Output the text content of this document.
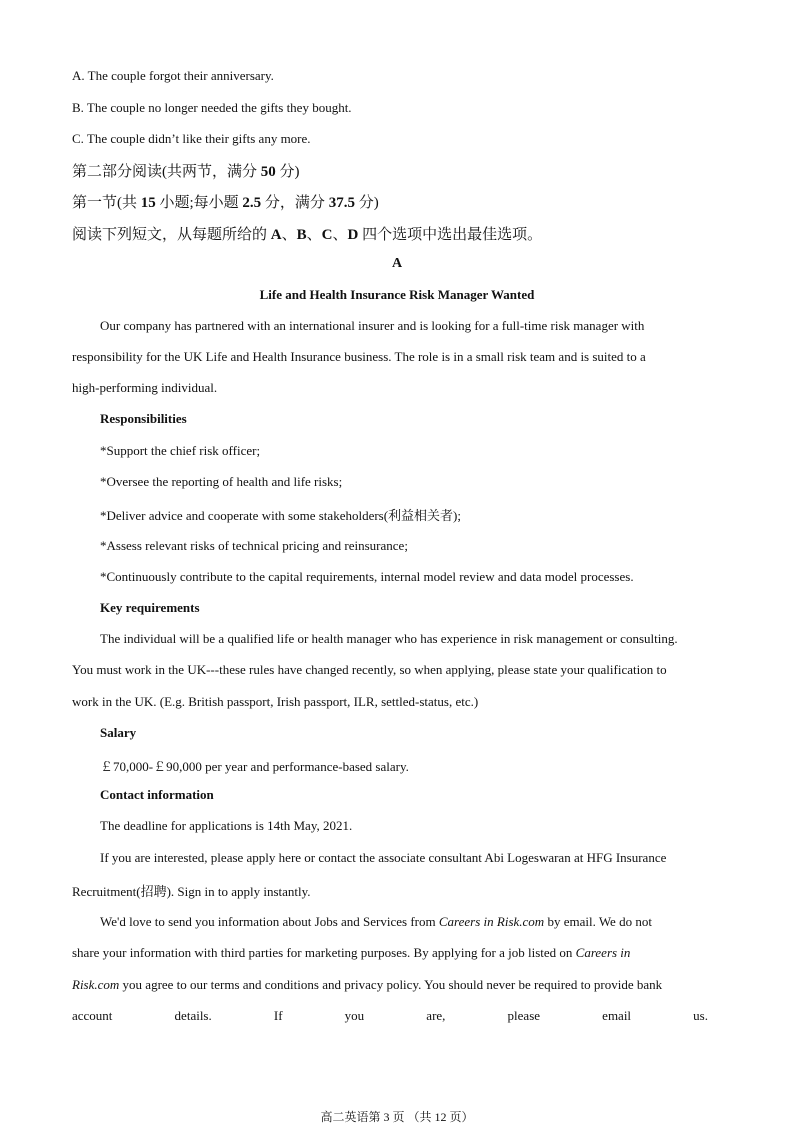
A. The couple forgot their anniversary.
B. The couple no longer needed the gifts they bought.
C. The couple didn’t like their gifts any more.
第二部分阅读(共两节，满分 50 分)
第一节(共 15 小题;每小题 2.5 分，满分 37.5 分)
阅读下列短文，从每题所给的 A、B、C、D 四个选项中选出最佳选项。
A
Life and Health Insurance Risk Manager Wanted
Our company has partnered with an international insurer and is looking for a full-time risk manager with
responsibility for the UK Life and Health Insurance business. The role is in a small risk team and is suited to a
high-performing individual.
Responsibilities
*Support the chief risk officer;
*Oversee the reporting of health and life risks;
*Deliver advice and cooperate with some stakeholders(利益相关者);
*Assess relevant risks of technical pricing and reinsurance;
*Continuously contribute to the capital requirements, internal model review and data model processes.
Key requirements
The individual will be a qualified life or health manager who has experience in risk management or consulting.
You must work in the UK---these rules have changed recently, so when applying, please state your qualification to
work in the UK. (E.g. British passport, Irish passport, ILR, settled-status, etc.)
Salary
￡70,000-￡90,000 per year and performance-based salary.
Contact information
The deadline for applications is 14th May, 2021.
If you are interested, please apply here or contact the associate consultant Abi Logeswaran at HFG Insurance
Recruitment(招聘). Sign in to apply instantly.
We'd love to send you information about Jobs and Services from Careers in Risk.com by email. We do not
share your information with third parties for marketing purposes. By applying for a job listed on Careers in
Risk.com you agree to our terms and conditions and privacy policy. You should never be required to provide bank
account details. If you are, please email us.
高二英语第 3 页 （共 12 页）
